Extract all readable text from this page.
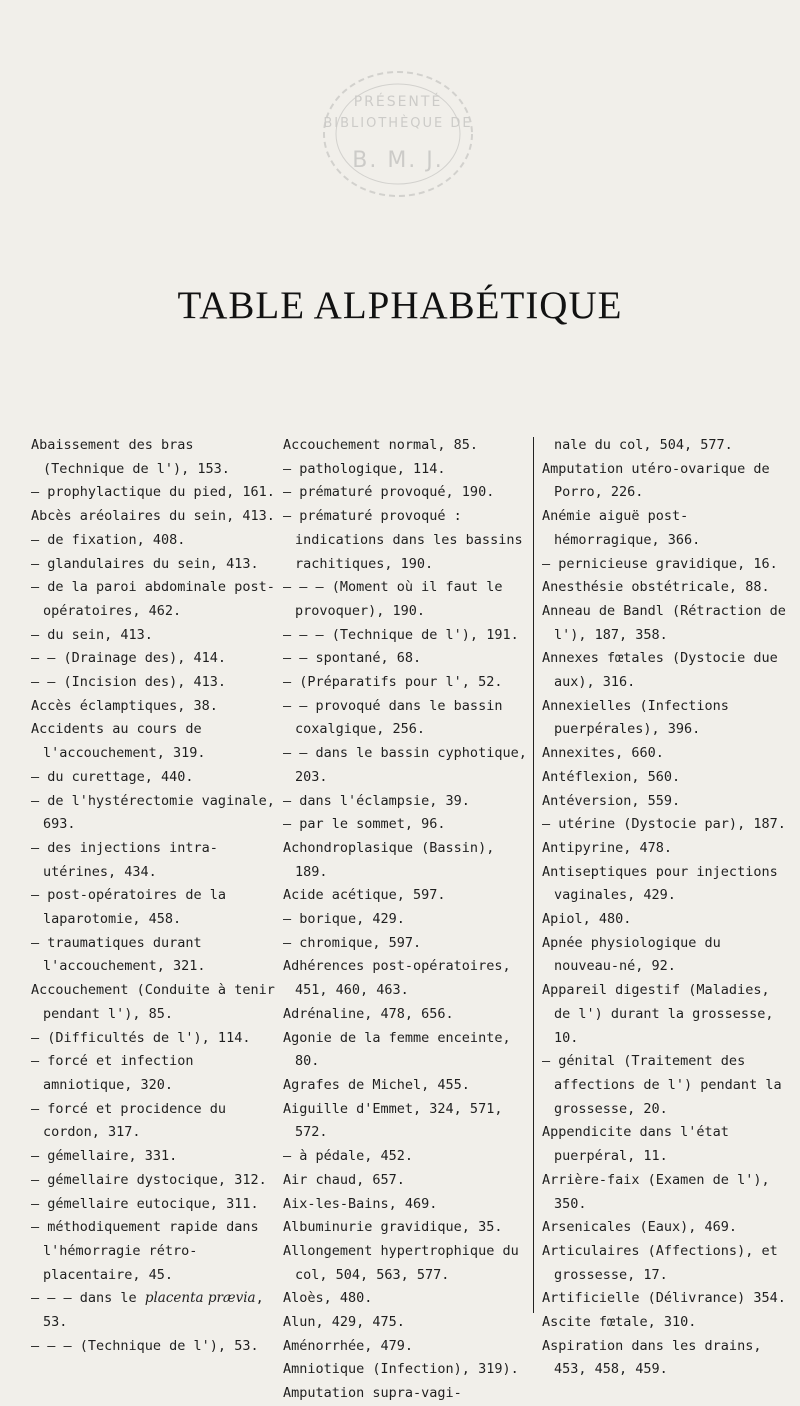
PRÉSENTÉ
BIBLIOTHÈQUE DE
B. M. J.
TABLE ALPHABÉTIQUE

Abaissement des bras (Technique de l'), 153.

— prophylactique du pied, 161.

Abcès aréolaires du sein, 413.

— de fixation, 408.

— glandulaires du sein, 413.

— de la paroi abdominale post-opératoires, 462.

— du sein, 413.

— — (Drainage des), 414.

— — (Incision des), 413.

Accès éclamptiques, 38.

Accidents au cours de l'accouchement, 319.

— du curettage, 440.

— de l'hystérectomie vaginale, 693.

— des injections intra-utérines, 434.

— post-opératoires de la laparotomie, 458.

— traumatiques durant l'accouchement, 321.

Accouchement (Conduite à tenir pendant l'), 85.

— (Difficultés de l'), 114.

— forcé et infection amniotique, 320.

— forcé et procidence du cordon, 317.

— gémellaire, 331.

— gémellaire dystocique, 312.

— gémellaire eutocique, 311.

— méthodiquement rapide dans l'hémorragie rétro-placentaire, 45.

— — — dans le placenta prævia, 53.

— — — (Technique de l'), 53.

Accouchement normal, 85.

— pathologique, 114.

— prématuré provoqué, 190.

— prématuré provoqué : indications dans les bassins rachitiques, 190.

— — — (Moment où il faut le provoquer), 190.

— — — (Technique de l'), 191.

— — spontané, 68.

— (Préparatifs pour l', 52.

— — provoqué dans le bassin coxalgique, 256.

— — dans le bassin cyphotique, 203.

— dans l'éclampsie, 39.

— par le sommet, 96.

Achondroplasique (Bassin), 189.

Acide acétique, 597.

— borique, 429.

— chromique, 597.

Adhérences post-opératoires, 451, 460, 463.

Adrénaline, 478, 656.

Agonie de la femme enceinte, 80.

Agrafes de Michel, 455.

Aiguille d'Emmet, 324, 571, 572.

— à pédale, 452.

Air chaud, 657.

Aix-les-Bains, 469.

Albuminurie gravidique, 35.

Allongement hypertrophique du col, 504, 563, 577.

Aloès, 480.

Alun, 429, 475.

Aménorrhée, 479.

Amniotique (Infection), 319).

Amputation supra-vagi-

nale du col, 504, 577.

Amputation utéro-ovarique de Porro, 226.

Anémie aiguë post-hémorragique, 366.

— pernicieuse gravidique, 16.

Anesthésie obstétricale, 88.

Anneau de Bandl (Rétraction de l'), 187, 358.

Annexes fœtales (Dystocie due aux), 316.

Annexielles (Infections puerpérales), 396.

Annexites, 660.

Antéflexion, 560.

Antéversion, 559.

— utérine (Dystocie par), 187.

Antipyrine, 478.

Antiseptiques pour injections vaginales, 429.

Apiol, 480.

Apnée physiologique du nouveau-né, 92.

Appareil digestif (Maladies, de l') durant la grossesse, 10.

— génital (Traitement des affections de l') pendant la grossesse, 20.

Appendicite dans l'état puerpéral, 11.

Arrière-faix (Examen de l'), 350.

Arsenicales (Eaux), 469.

Articulaires (Affections), et grossesse, 17.

Artificielle (Délivrance) 354.

Ascite fœtale, 310.

Aspiration dans les drains, 453, 458, 459.
